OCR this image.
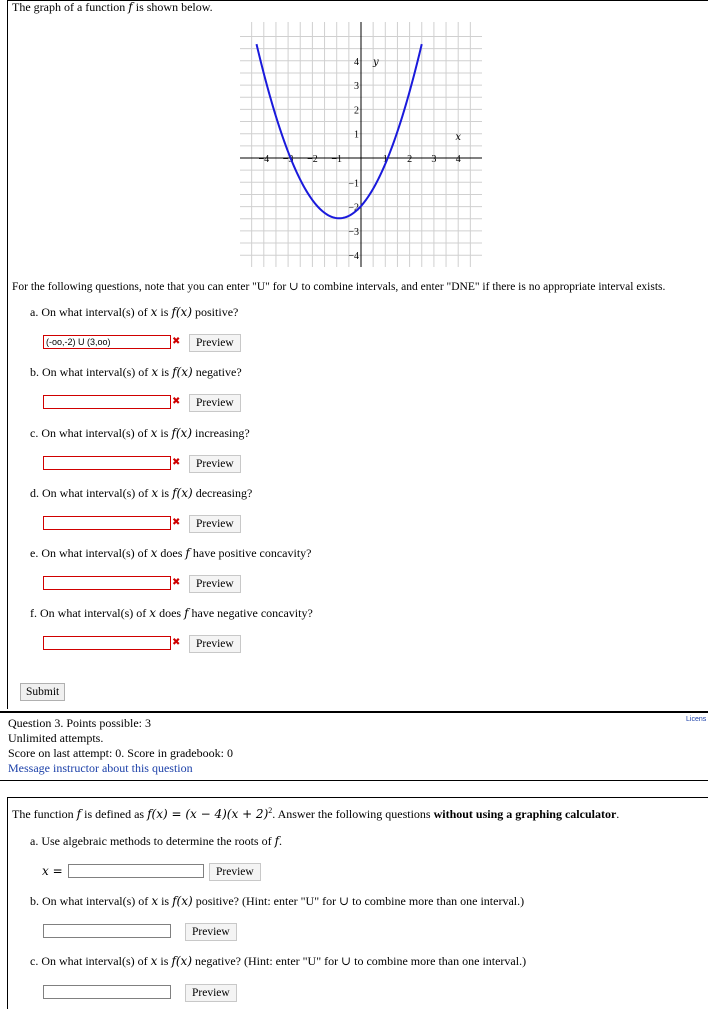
The graph of a function f is shown below.
−4 −3 −2 −1	1 2 3 4
4
3
2
1
−1
−2
−3
−4
x
y
For the following questions, note that you can enter "U" for ∪ to combine intervals, and enter "DNE" if there is no appropriate interval exists.
a. On what interval(s) of x is f(x) positive?
(-oo,-2) U (3,oo)	✖	Preview
b. On what interval(s) of x is f(x) negative?
✖	Preview
c. On what interval(s) of x is f(x) increasing?
✖	Preview
d. On what interval(s) of x is f(x) decreasing?
✖	Preview
e. On what interval(s) of x does f have positive concavity?
✖	Preview
f. On what interval(s) of x does f have negative concavity?
✖	Preview
Submit
Licens
Question 3. Points possible: 3
Unlimited attempts.
Score on last attempt: 0. Score in gradebook: 0
Message instructor about this question
The function f is defined as $f(x) = (x - 4)(x + 2)^2$. Answer the following questions without using a graphing calculator.
a. Use algebraic methods to determine the roots of f.
x =	Preview
b. On what interval(s) of x is f(x) positive? (Hint: enter "U" for ∪ to combine more than one interval.)
Preview
c. On what interval(s) of x is f(x) negative? (Hint: enter "U" for ∪ to combine more than one interval.)
Preview
